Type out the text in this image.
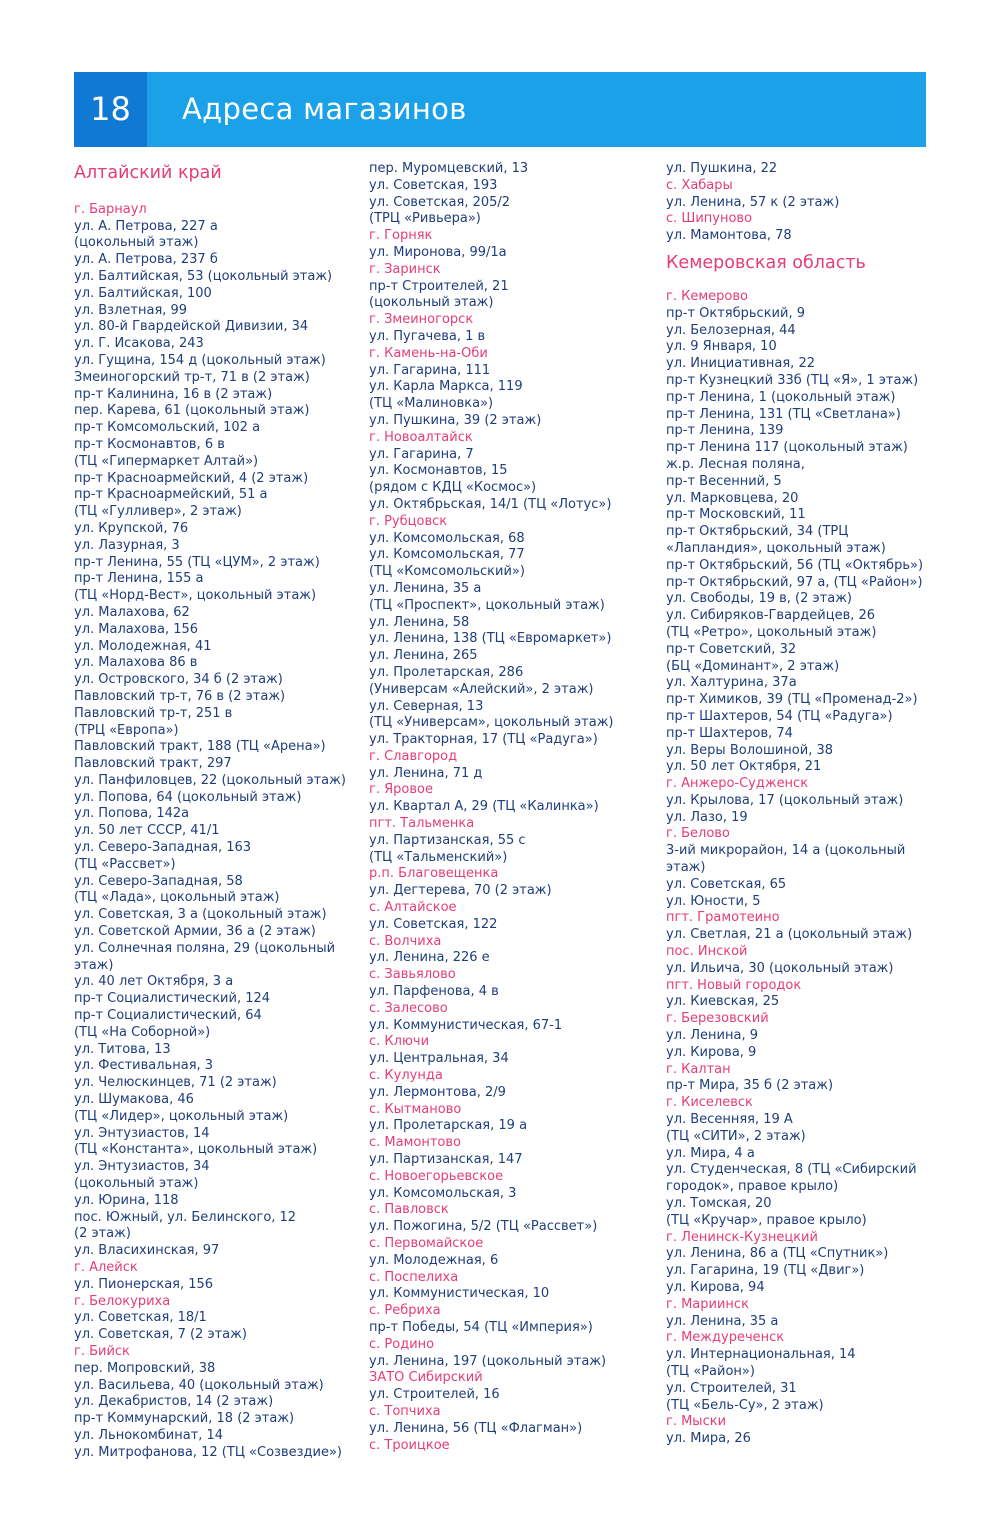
18	Адреса магазинов
Алтайский край
г. Барнаул
ул. А. Петрова, 227 а
(цокольный этаж)
ул. А. Петрова, 237 б
ул. Балтийская, 53 (цокольный этаж)
ул. Балтийская, 100
ул. Взлетная, 99
ул. 80-й Гвардейской Дивизии, 34
ул. Г. Исакова, 243
ул. Гущина, 154 д (цокольный этаж)
Змеиногорский тр-т, 71 в (2 этаж)
пр-т Калинина, 16 в (2 этаж)
пер. Карева, 61 (цокольный этаж)
пр-т Комсомольский, 102 а
пр-т Космонавтов, 6 в
(ТЦ «Гипермаркет Алтай»)
пр-т Красноармейский, 4 (2 этаж)
пр-т Красноармейский, 51 а
(ТЦ «Гулливер», 2 этаж)
ул. Крупской, 76
ул. Лазурная, 3
пр-т Ленина, 55 (ТЦ «ЦУМ», 2 этаж)
пр-т Ленина, 155 а
(ТЦ «Норд-Вест», цокольный этаж)
ул. Малахова, 62
ул. Малахова, 156
ул. Молодежная, 41
ул. Малахова 86 в
ул. Островского, 34 б (2 этаж)
Павловский тр-т, 76 в (2 этаж)
Павловский тр-т, 251 в
(ТРЦ «Европа»)
Павловский тракт, 188 (ТЦ «Арена»)
Павловский тракт, 297
ул. Панфиловцев, 22 (цокольный этаж)
ул. Попова, 64 (цокольный этаж)
ул. Попова, 142а
ул. 50 лет СССР, 41/1
ул. Северо-Западная, 163
(ТЦ «Рассвет»)
ул. Северо-Западная, 58
(ТЦ «Лада», цокольный этаж)
ул. Советская, 3 а (цокольный этаж)
ул. Советской Армии, 36 а (2 этаж)
ул. Солнечная поляна, 29 (цокольный
этаж)
ул. 40 лет Октября, 3 а
пр-т Социалистический, 124
пр-т Социалистический, 64
(ТЦ «На Соборной»)
ул. Титова, 13
ул. Фестивальная, 3
ул. Челюскинцев, 71 (2 этаж)
ул. Шумакова, 46
(ТЦ «Лидер», цокольный этаж)
ул. Энтузиастов, 14
(ТЦ «Константа», цокольный этаж)
ул. Энтузиастов, 34
(цокольный этаж)
ул. Юрина, 118
пос. Южный, ул. Белинского, 12
(2 этаж)
ул. Власихинская, 97
г. Алейск
ул. Пионерская, 156
г. Белокуриха
ул. Советская, 18/1
ул. Советская, 7 (2 этаж)
г. Бийск
пер. Мопровский, 38
ул. Васильева, 40 (цокольный этаж)
ул. Декабристов, 14 (2 этаж)
пр-т Коммунарский, 18 (2 этаж)
ул. Льнокомбинат, 14
ул. Митрофанова, 12 (ТЦ «Созвездие»)
пер. Муромцевский, 13
ул. Советская, 193
ул. Советская, 205/2
(ТРЦ «Ривьера»)
г. Горняк
ул. Миронова, 99/1а
г. Заринск
пр-т Строителей, 21
(цокольный этаж)
г. Змеиногорск
ул. Пугачева, 1 в
г. Камень-на-Оби
ул. Гагарина, 111
ул. Карла Маркса, 119
(ТЦ «Малиновка»)
ул. Пушкина, 39 (2 этаж)
г. Новоалтайск
ул. Гагарина, 7
ул. Космонавтов, 15
(рядом с КДЦ «Космос»)
ул. Октябрьская, 14/1 (ТЦ «Лотус»)
г. Рубцовск
ул. Комсомольская, 68
ул. Комсомольская, 77
(ТЦ «Комсомольский»)
ул. Ленина, 35 а
(ТЦ «Проспект», цокольный этаж)
ул. Ленина, 58
ул. Ленина, 138 (ТЦ «Евромаркет»)
ул. Ленина, 265
ул. Пролетарская, 286
(Универсам «Алейский», 2 этаж)
ул. Северная, 13
(ТЦ «Универсам», цокольный этаж)
ул. Тракторная, 17 (ТЦ «Радуга»)
г. Славгород
ул. Ленина, 71 д
г. Яровое
ул. Квартал А, 29 (ТЦ «Калинка»)
пгт. Тальменка
ул. Партизанская, 55 с
(ТЦ «Тальменский»)
р.п. Благовещенка
ул. Дегтерева, 70 (2 этаж)
с. Алтайское
ул. Советская, 122
с. Волчиха
ул. Ленина, 226 е
с. Завьялово
ул. Парфенова, 4 в
с. Залесово
ул. Коммунистическая, 67-1
с. Ключи
ул. Центральная, 34
с. Кулунда
ул. Лермонтова, 2/9
с. Кытманово
ул. Пролетарская, 19 а
с. Мамонтово
ул. Партизанская, 147
с. Новоегорьевское
ул. Комсомольская, 3
с. Павловск
ул. Пожогина, 5/2 (ТЦ «Рассвет»)
с. Первомайское
ул. Молодежная, 6
с. Поспелиха
ул. Коммунистическая, 10
с. Ребриха
пр-т Победы, 54 (ТЦ «Империя»)
с. Родино
ул. Ленина, 197 (цокольный этаж)
ЗАТО Сибирский
ул. Строителей, 16
с. Топчиха
ул. Ленина, 56 (ТЦ «Флагман»)
с. Троицкое
ул. Пушкина, 22
с. Хабары
ул. Ленина, 57 к (2 этаж)
с. Шипуново
ул. Мамонтова, 78
Кемеровская область
г. Кемерово
пр-т Октябрьский, 9
ул. Белозерная, 44
ул. 9 Января, 10
ул. Инициативная, 22
пр-т Кузнецкий 33б (ТЦ «Я», 1 этаж)
пр-т Ленина, 1 (цокольный этаж)
пр-т Ленина, 131 (ТЦ «Светлана»)
пр-т Ленина, 139
пр-т Ленина 117 (цокольный этаж)
ж.р. Лесная поляна,
пр-т Весенний, 5
ул. Марковцева, 20
пр-т Московский, 11
пр-т Октябрьский, 34 (ТРЦ
«Лапландия», цокольный этаж)
пр-т Октябрьский, 56 (ТЦ «Октябрь»)
пр-т Октябрьский, 97 а, (ТЦ «Район»)
ул. Свободы, 19 в, (2 этаж)
ул. Сибиряков-Гвардейцев, 26
(ТЦ «Ретро», цокольный этаж)
пр-т Советский, 32
(БЦ «Доминант», 2 этаж)
ул. Халтурина, 37а
пр-т Химиков, 39 (ТЦ «Променад-2»)
пр-т Шахтеров, 54 (ТЦ «Радуга»)
пр-т Шахтеров, 74
ул. Веры Волошиной, 38
ул. 50 лет Октября, 21
г. Анжеро-Судженск
ул. Крылова, 17 (цокольный этаж)
ул. Лазо, 19
г. Белово
3-ий микрорайон, 14 а (цокольный
этаж)
ул. Советская, 65
ул. Юности, 5
пгт. Грамотеино
ул. Светлая, 21 а (цокольный этаж)
пос. Инской
ул. Ильича, 30 (цокольный этаж)
пгт. Новый городок
ул. Киевская, 25
г. Березовский
ул. Ленина, 9
ул. Кирова, 9
г. Калтан
пр-т Мира, 35 б (2 этаж)
г. Киселевск
ул. Весенняя, 19 А
(ТЦ «СИТИ», 2 этаж)
ул. Мира, 4 а
ул. Студенческая, 8 (ТЦ «Сибирский
городок», правое крыло)
ул. Томская, 20
(ТЦ «Кручар», правое крыло)
г. Ленинск-Кузнецкий
ул. Ленина, 86 а (ТЦ «Спутник»)
ул. Гагарина, 19 (ТЦ «Двиг»)
ул. Кирова, 94
г. Мариинск
ул. Ленина, 35 а
г. Междуреченск
ул. Интернациональная, 14
(ТЦ «Район»)
ул. Строителей, 31
(ТЦ «Бель-Су», 2 этаж)
г. Мыски
ул. Мира, 26
